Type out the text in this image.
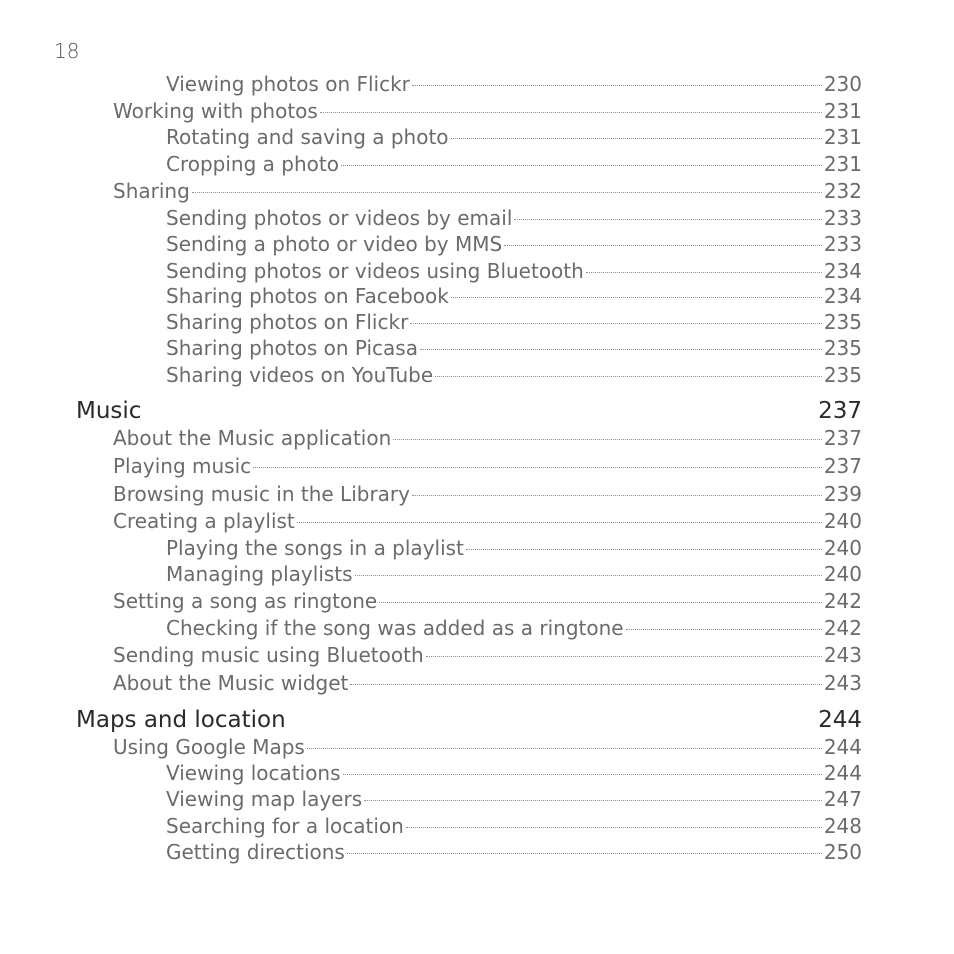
18
Viewing photos on Flickr	230
Working with photos	231
Rotating and saving a photo	231
Cropping a photo	231
Sharing	232
Sending photos or videos by email	233
Sending a photo or video by MMS	233
Sending photos or videos using Bluetooth	234
Sharing photos on Facebook	234
Sharing photos on Flickr	235
Sharing photos on Picasa	235
Sharing videos on YouTube	235
Music	237
About the Music application	237
Playing music	237
Browsing music in the Library	239
Creating a playlist	240
Playing the songs in a playlist	240
Managing playlists	240
Setting a song as ringtone	242
Checking if the song was added as a ringtone	242
Sending music using Bluetooth	243
About the Music widget	243
Maps and location	244
Using Google Maps	244
Viewing locations	244
Viewing map layers	247
Searching for a location	248
Getting directions	250
